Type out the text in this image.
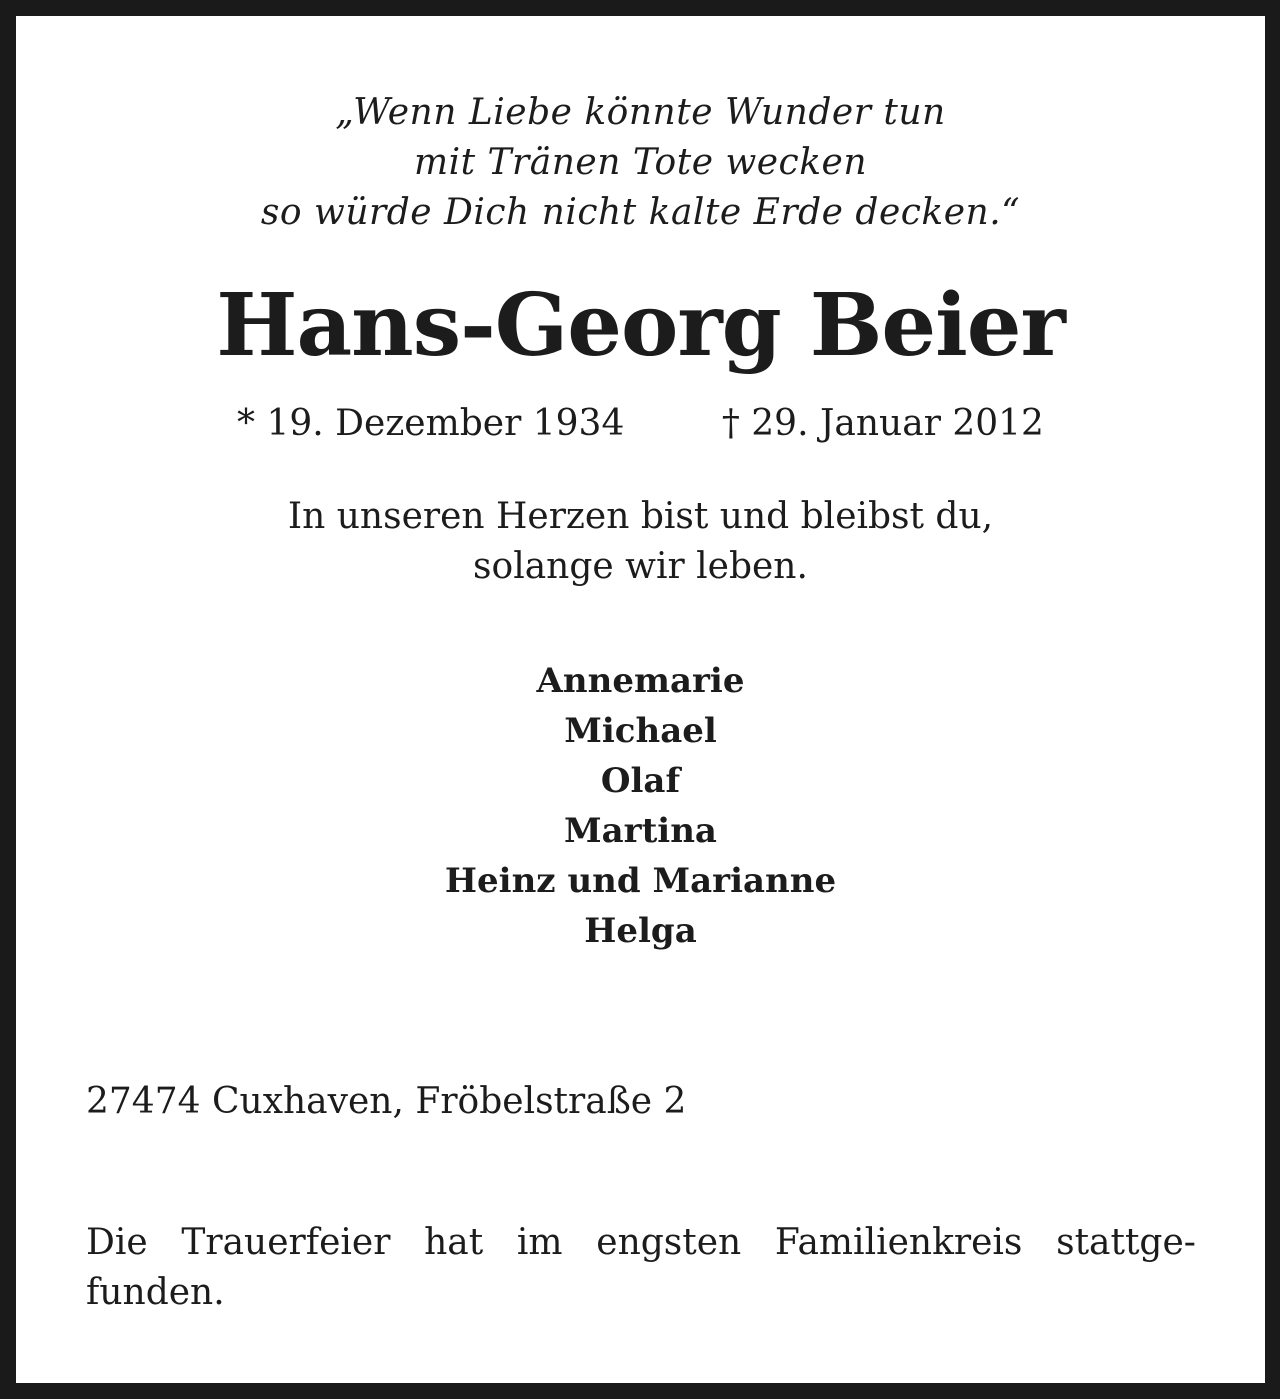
„Wenn Liebe könnte Wunder tun
mit Tränen Tote wecken
so würde Dich nicht kalte Erde decken.“
Hans-Georg Beier
* 19. Dezember 1934	† 29. Januar 2012
In unseren Herzen bist und bleibst du,
solange wir leben.
Annemarie
Michael
Olaf
Martina
Heinz und Marianne
Helga
27474 Cuxhaven, Fröbelstraße 2
Die Trauerfeier hat im engsten Familienkreis stattge-
funden.
